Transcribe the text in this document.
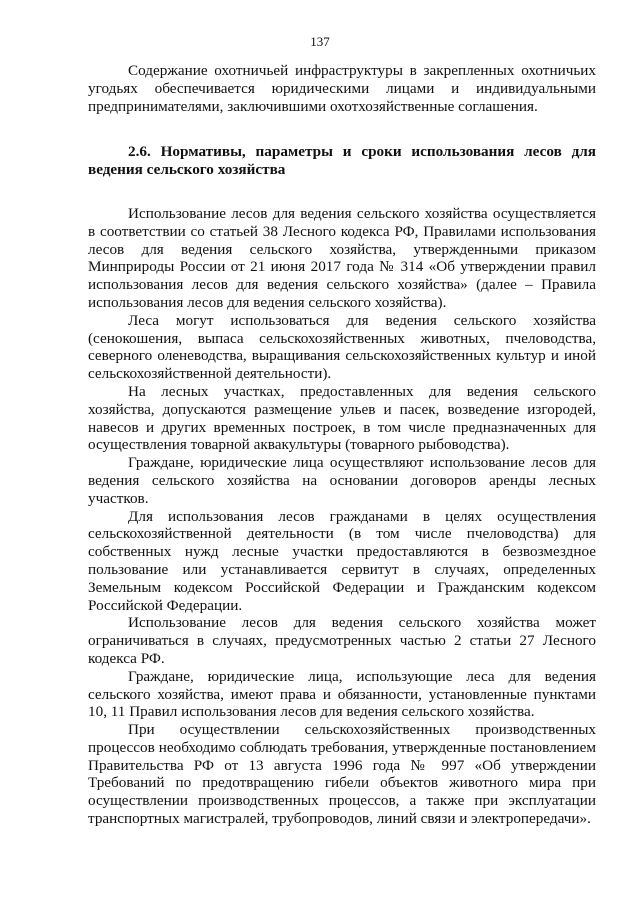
137

Содержание охотничьей инфраструктуры в закрепленных охотничьих угодьях обеспечивается юридическими лицами и индивидуальными предпринимателями, заключившими охотхозяйственные соглашения.

2.6. Нормативы, параметры и сроки использования лесов для ведения сельского хозяйства

Использование лесов для ведения сельского хозяйства осуществляется в соответствии со статьей 38 Лесного кодекса РФ, Правилами использования лесов для ведения сельского хозяйства, утвержденными приказом Минприроды России от 21 июня 2017 года № 314 «Об утверждении правил использования лесов для ведения сельского хозяйства» (далее – Правила использования лесов для ведения сельского хозяйства).

Леса могут использоваться для ведения сельского хозяйства (сенокошения, выпаса сельскохозяйственных животных, пчеловодства, северного оленеводства, выращивания сельскохозяйственных культур и иной сельскохозяйственной деятельности).

На лесных участках, предоставленных для ведения сельского хозяйства, допускаются размещение ульев и пасек, возведение изгородей, навесов и других временных построек, в том числе предназначенных для осуществления товарной аквакультуры (товарного рыбоводства).

Граждане, юридические лица осуществляют использование лесов для ведения сельского хозяйства на основании договоров аренды лесных участков.

Для использования лесов гражданами в целях осуществления сельскохозяйственной деятельности (в том числе пчеловодства) для собственных нужд лесные участки предоставляются в безвозмездное пользование или устанавливается сервитут в случаях, определенных Земельным кодексом Российской Федерации и Гражданским кодексом Российской Федерации.

Использование лесов для ведения сельского хозяйства может ограничиваться в случаях, предусмотренных частью 2 статьи 27 Лесного кодекса РФ.

Граждане, юридические лица, использующие леса для ведения сельского хозяйства, имеют права и обязанности, установленные пунктами 10, 11 Правил использования лесов для ведения сельского хозяйства.

При осуществлении сельскохозяйственных производственных процессов необходимо соблюдать требования, утвержденные постановлением Правительства РФ от 13 августа 1996 года № 997 «Об утверждении Требований по предотвращению гибели объектов животного мира при осуществлении производственных процессов, а также при эксплуатации транспортных магистралей, трубопроводов, линий связи и электропередачи».
